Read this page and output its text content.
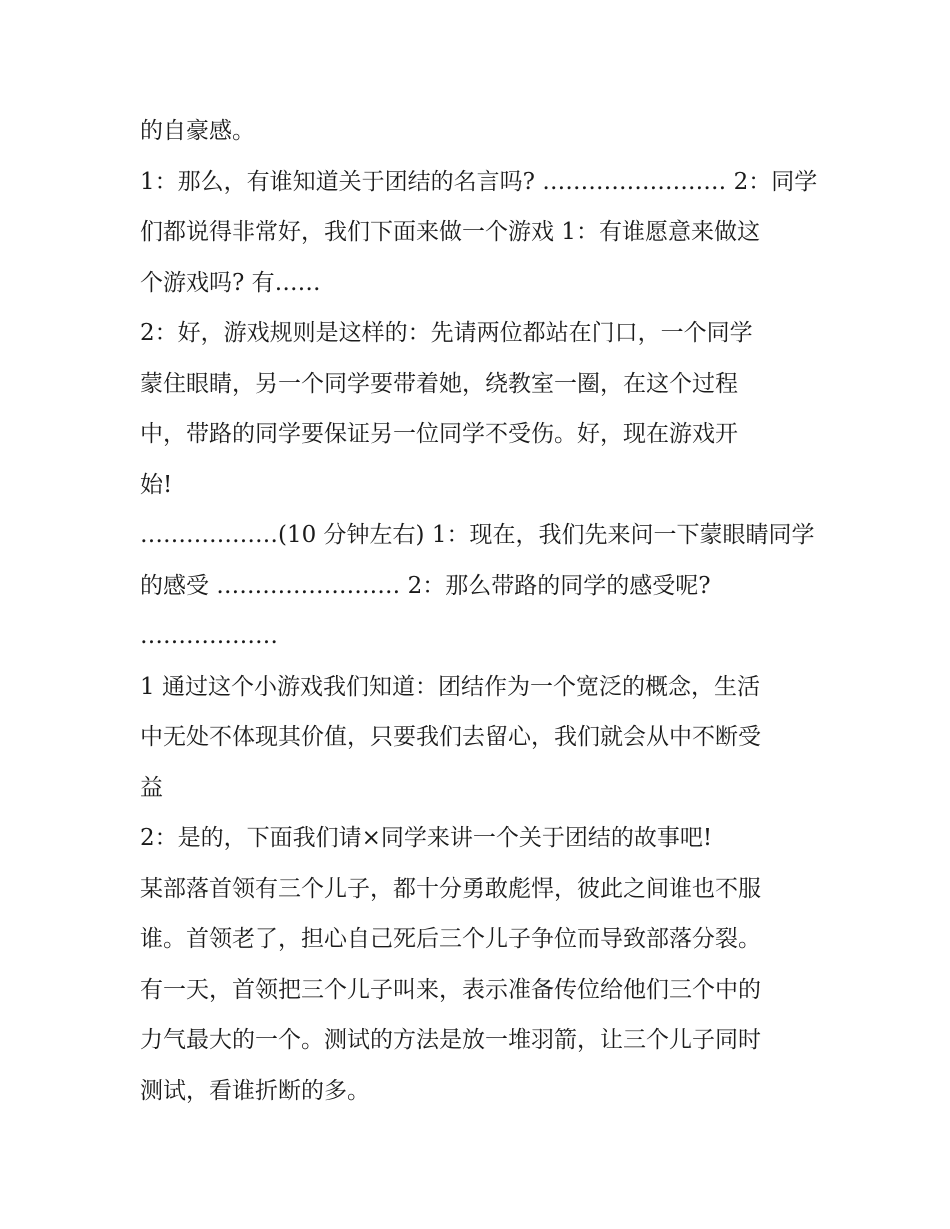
的自豪感。

1：那么，有谁知道关于团结的名言吗? …………………… 2：同学
们都说得非常好，我们下面来做一个游戏 1：有谁愿意来做这
个游戏吗? 有……

2：好，游戏规则是这样的：先请两位都站在门口，一个同学
蒙住眼睛，另一个同学要带着她，绕教室一圈，在这个过程
中，带路的同学要保证另一位同学不受伤。好，现在游戏开
始!

………………(10 分钟左右) 1：现在，我们先来问一下蒙眼睛同学
的感受 …………………… 2：那么带路的同学的感受呢?
………………

1 通过这个小游戏我们知道：团结作为一个宽泛的概念，生活
中无处不体现其价值，只要我们去留心，我们就会从中不断受
益

2：是的，下面我们请×同学来讲一个关于团结的故事吧!

某部落首领有三个儿子，都十分勇敢彪悍，彼此之间谁也不服
谁。首领老了，担心自己死后三个儿子争位而导致部落分裂。
有一天，首领把三个儿子叫来，表示准备传位给他们三个中的
力气最大的一个。测试的方法是放一堆羽箭，让三个儿子同时
测试，看谁折断的多。
